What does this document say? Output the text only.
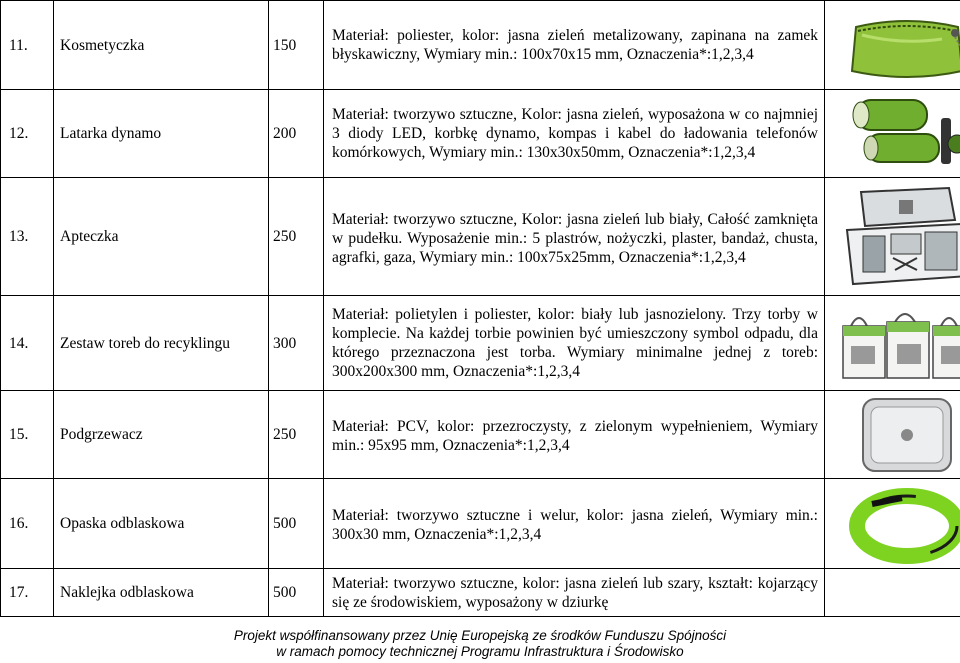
11.	Kosmetyczka	150	Materiał: poliester, kolor: jasna zieleń metalizowany, zapinana na zamek błyskawiczny, Wymiary min.: 100x70x15 mm, Oznaczenia*:1,2,3,4	

12.	Latarka dynamo	200	Materiał: tworzywo sztuczne, Kolor: jasna zieleń, wyposażona w co najmniej 3 diody LED, korbkę dynamo, kompas i kabel do ładowania telefonów komórkowych, Wymiary min.: 130x30x50mm, Oznaczenia*:1,2,3,4	

13.	Apteczka	250	Materiał: tworzywo sztuczne, Kolor: jasna zieleń lub biały, Całość zamknięta w pudełku. Wyposażenie min.: 5 plastrów, nożyczki, plaster, bandaż, chusta, agrafki, gaza, Wymiary min.: 100x75x25mm, Oznaczenia*:1,2,3,4	

14.	Zestaw toreb do recyklingu	300	Materiał: polietylen i poliester, kolor: biały lub jasnozielony. Trzy torby w komplecie. Na każdej torbie powinien być umieszczony symbol odpadu, dla którego przeznaczona jest torba. Wymiary minimalne jednej z toreb: 300x200x300 mm, Oznaczenia*:1,2,3,4	

15.	Podgrzewacz	250	Materiał: PCV, kolor: przezroczysty, z zielonym wypełnieniem, Wymiary min.: 95x95 mm, Oznaczenia*:1,2,3,4	

16.	Opaska odblaskowa	500	Materiał: tworzywo sztuczne i welur, kolor: jasna zieleń, Wymiary min.: 300x30 mm, Oznaczenia*:1,2,3,4	

17.	Naklejka odblaskowa	500	Materiał: tworzywo sztuczne, kolor: jasna zieleń lub szary, kształt: kojarzący się ze środowiskiem, wyposażony w dziurkę	
Projekt współfinansowany przez Unię Europejską ze środków Funduszu Spójności
w ramach pomocy technicznej Programu Infrastruktura i Środowisko
